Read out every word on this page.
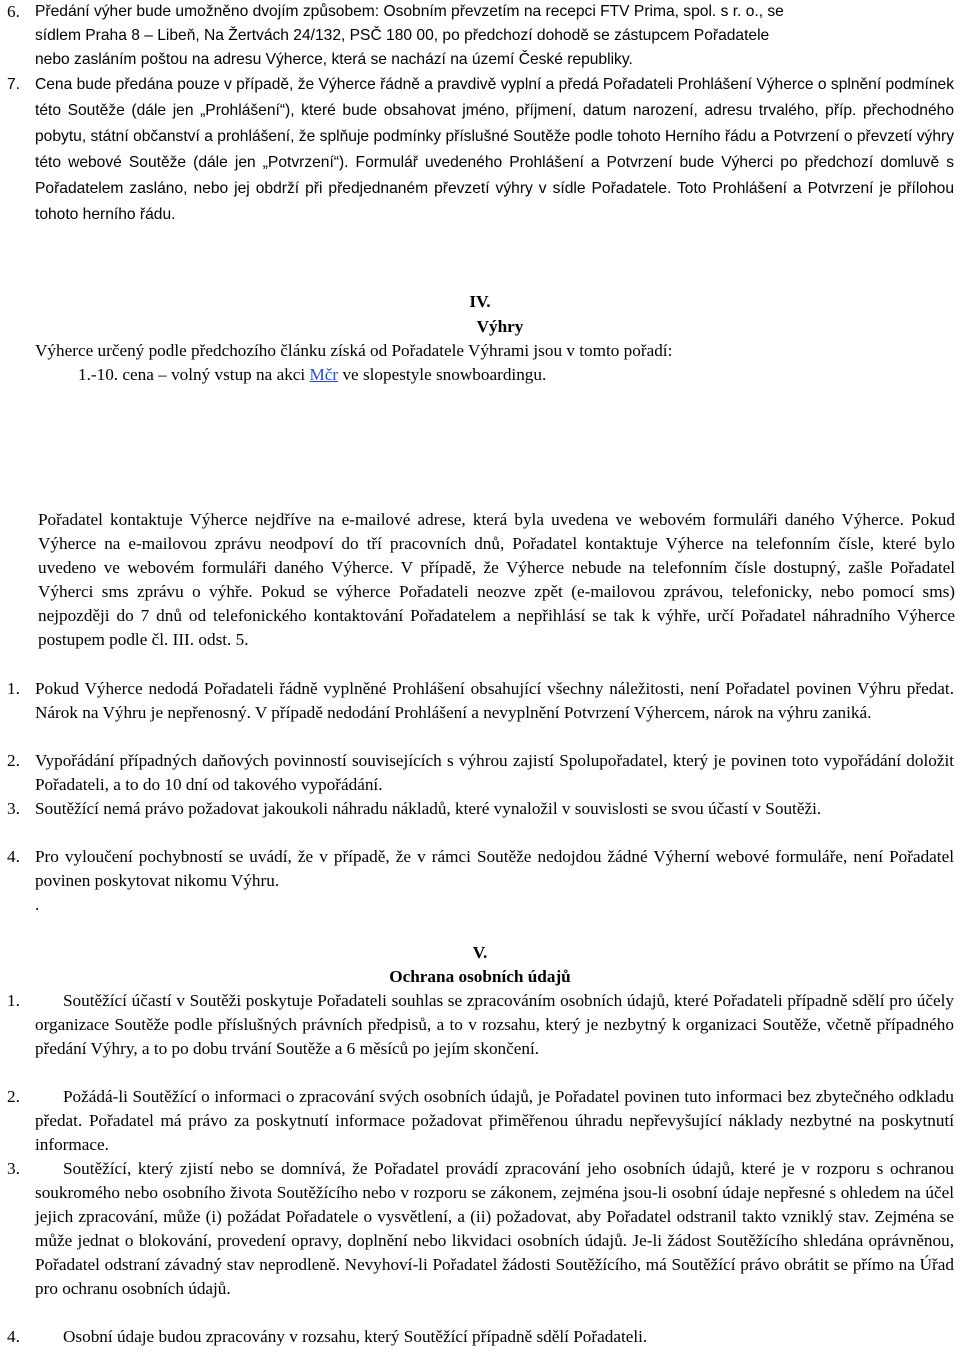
6. Předání výher bude umožněno dvojím způsobem: Osobním převzetím na recepci FTV Prima, spol. s r. o., se
sídlem Praha 8 – Libeň, Na Žertvách 24/132, PSČ 180 00, po předchozí dohodě se zástupcem Pořadatele
nebo zasláním poštou na adresu Výherce, která se nachází na území České republiky.
7. Cena bude předána pouze v případě, že Výherce řádně a pravdivě vyplní a předá Pořadateli Prohlášení Výherce o splnění podmínek této Soutěže (dále jen „Prohlášení“), které bude obsahovat jméno, příjmení, datum narození, adresu trvalého, příp. přechodného pobytu, státní občanství a prohlášení, že splňuje podmínky příslušné Soutěže podle tohoto Herního řádu a Potvrzení o převzetí výhry této webové Soutěže (dále jen „Potvrzení“). Formulář uvedeného Prohlášení a Potvrzení bude Výherci po předchozí domluvě s Pořadatelem zasláno, nebo jej obdrží při předjednaném převzetí výhry v sídle Pořadatele. Toto Prohlášení a Potvrzení je přílohou tohoto herního řádu.
IV.
Výhry
Výherce určený podle předchozího článku získá od Pořadatele Výhrami jsou v tomto pořadí:
1.-10. cena – volný vstup na akci Mčr ve slopestyle snowboardingu.
Pořadatel kontaktuje Výherce nejdříve na e-mailové adrese, která byla uvedena ve webovém formuláři daného Výherce. Pokud Výherce na e-mailovou zprávu neodpoví do tří pracovních dnů, Pořadatel kontaktuje Výherce na telefonním čísle, které bylo uvedeno ve webovém formuláři daného Výherce. V případě, že Výherce nebude na telefonním čísle dostupný, zašle Pořadatel Výherci sms zprávu o výhře. Pokud se výherce Pořadateli neozve zpět (e-mailovou zprávou, telefonicky, nebo pomocí sms) nejpozději do 7 dnů od telefonického kontaktování Pořadatelem a nepřihlásí se tak k výhře, určí Pořadatel náhradního Výherce postupem podle čl. III. odst. 5.
1. Pokud Výherce nedodá Pořadateli řádně vyplněné Prohlášení obsahující všechny náležitosti, není Pořadatel povinen Výhru předat. Nárok na Výhru je nepřenosný. V případě nedodání Prohlášení a nevyplnění Potvrzení Výhercem, nárok na výhru zaniká.
2. Vypořádání případných daňových povinností souvisejících s výhrou zajistí Spolupořadatel, který je povinen toto vypořádání doložit Pořadateli, a to do 10 dní od takového vypořádání.
3. Soutěžící nemá právo požadovat jakoukoli náhradu nákladů, které vynaložil v souvislosti se svou účastí v Soutěži.
4. Pro vyloučení pochybností se uvádí, že v případě, že v rámci Soutěže nedojdou žádné Výherní webové formuláře, není Pořadatel povinen poskytovat nikomu Výhru.
.
V.
Ochrana osobních údajů
1.	Soutěžící účastí v Soutěži poskytuje Pořadateli souhlas se zpracováním osobních údajů, které Pořadateli případně sdělí pro účely organizace Soutěže podle příslušných právních předpisů, a to v rozsahu, který je nezbytný k organizaci Soutěže, včetně případného předání Výhry, a to po dobu trvání Soutěže a 6 měsíců po jejím skončení.
2.	Požádá-li Soutěžící o informaci o zpracování svých osobních údajů, je Pořadatel povinen tuto informaci bez zbytečného odkladu předat. Pořadatel má právo za poskytnutí informace požadovat přiměřenou úhradu nepřevyšující náklady nezbytné na poskytnutí informace.
3.	Soutěžící, který zjistí nebo se domnívá, že Pořadatel provádí zpracování jeho osobních údajů, které je v rozporu s ochranou soukromého nebo osobního života Soutěžícího nebo v rozporu se zákonem, zejména jsou-li osobní údaje nepřesné s ohledem na účel jejich zpracování, může (i) požádat Pořadatele o vysvětlení, a (ii) požadovat, aby Pořadatel odstranil takto vzniklý stav. Zejména se může jednat o blokování, provedení opravy, doplnění nebo likvidaci osobních údajů. Je-li žádost Soutěžícího shledána oprávněnou, Pořadatel odstraní závadný stav neprodleně. Nevyhoví-li Pořadatel žádosti Soutěžícího, má Soutěžící právo obrátit se přímo na Úřad pro ochranu osobních údajů.
4.	Osobní údaje budou zpracovány v rozsahu, který Soutěžící případně sdělí Pořadateli.
